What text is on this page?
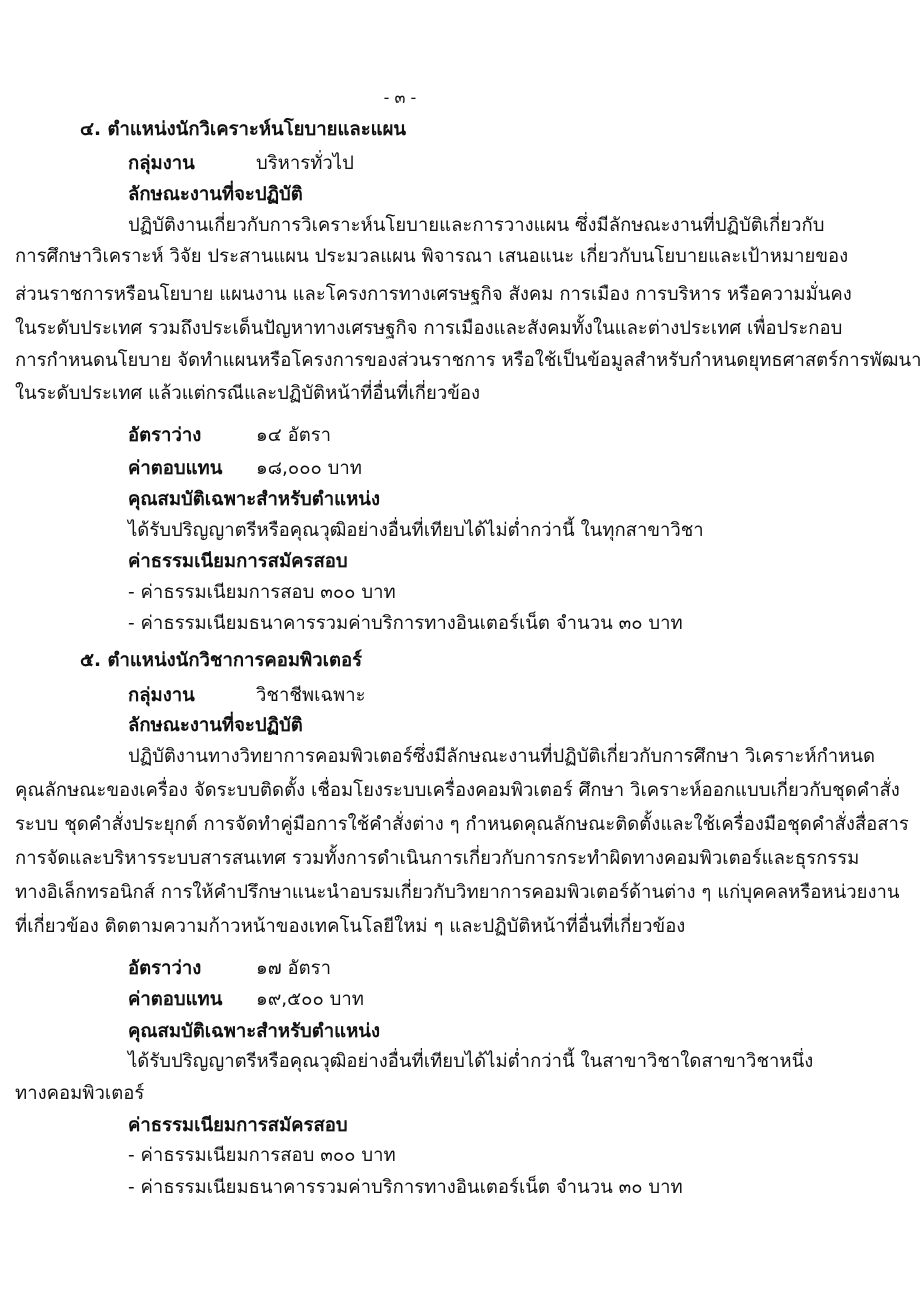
- ๓ -
๔. ตำแหน่งนักวิเคราะห์นโยบายและแผน
กลุ่มงาน	บริหารทั่วไป
ลักษณะงานที่จะปฏิบัติ
ปฏิบัติงานเกี่ยวกับการวิเคราะห์นโยบายและการวางแผน ซึ่งมีลักษณะงานที่ปฏิบัติเกี่ยวกับ
การศึกษาวิเคราะห์ วิจัย ประสานแผน ประมวลแผน พิจารณา เสนอแนะ เกี่ยวกับนโยบายและเป้าหมายของ
ส่วนราชการหรือนโยบาย แผนงาน และโครงการทางเศรษฐกิจ สังคม การเมือง การบริหาร หรือความมั่นคง
ในระดับประเทศ รวมถึงประเด็นปัญหาทางเศรษฐกิจ การเมืองและสังคมทั้งในและต่างประเทศ เพื่อประกอบ
การกำหนดนโยบาย จัดทำแผนหรือโครงการของส่วนราชการ หรือใช้เป็นข้อมูลสำหรับกำหนดยุทธศาสตร์การพัฒนา
ในระดับประเทศ แล้วแต่กรณีและปฏิบัติหน้าที่อื่นที่เกี่ยวข้อง
อัตราว่าง	๑๔ อัตรา
ค่าตอบแทน ๑๘,๐๐๐ บาท
คุณสมบัติเฉพาะสำหรับตำแหน่ง
ได้รับปริญญาตรีหรือคุณวุฒิอย่างอื่นที่เทียบได้ไม่ต่ำกว่านี้ ในทุกสาขาวิชา
ค่าธรรมเนียมการสมัครสอบ
- ค่าธรรมเนียมการสอบ ๓๐๐ บาท
- ค่าธรรมเนียมธนาคารรวมค่าบริการทางอินเตอร์เน็ต จำนวน ๓๐ บาท
๕. ตำแหน่งนักวิชาการคอมพิวเตอร์
กลุ่มงาน	วิชาชีพเฉพาะ
ลักษณะงานที่จะปฏิบัติ
ปฏิบัติงานทางวิทยาการคอมพิวเตอร์ซึ่งมีลักษณะงานที่ปฏิบัติเกี่ยวกับการศึกษา วิเคราะห์กำหนด
คุณลักษณะของเครื่อง จัดระบบติดตั้ง เชื่อมโยงระบบเครื่องคอมพิวเตอร์ ศึกษา วิเคราะห์ออกแบบเกี่ยวกับชุดคำสั่ง
ระบบ ชุดคำสั่งประยุกต์ การจัดทำคู่มือการใช้คำสั่งต่าง ๆ กำหนดคุณลักษณะติดตั้งและใช้เครื่องมือชุดคำสั่งสื่อสาร
การจัดและบริหารระบบสารสนเทศ รวมทั้งการดำเนินการเกี่ยวกับการกระทำผิดทางคอมพิวเตอร์และธุรกรรม
ทางอิเล็กทรอนิกส์ การให้คำปรึกษาแนะนำอบรมเกี่ยวกับวิทยาการคอมพิวเตอร์ด้านต่าง ๆ แก่บุคคลหรือหน่วยงาน
ที่เกี่ยวข้อง ติดตามความก้าวหน้าของเทคโนโลยีใหม่ ๆ และปฏิบัติหน้าที่อื่นที่เกี่ยวข้อง
อัตราว่าง	๑๗ อัตรา
ค่าตอบแทน ๑๙,๕๐๐ บาท
คุณสมบัติเฉพาะสำหรับตำแหน่ง
ได้รับปริญญาตรีหรือคุณวุฒิอย่างอื่นที่เทียบได้ไม่ต่ำกว่านี้ ในสาขาวิชาใดสาขาวิชาหนึ่ง
ทางคอมพิวเตอร์
ค่าธรรมเนียมการสมัครสอบ
- ค่าธรรมเนียมการสอบ ๓๐๐ บาท
- ค่าธรรมเนียมธนาคารรวมค่าบริการทางอินเตอร์เน็ต จำนวน ๓๐ บาท
